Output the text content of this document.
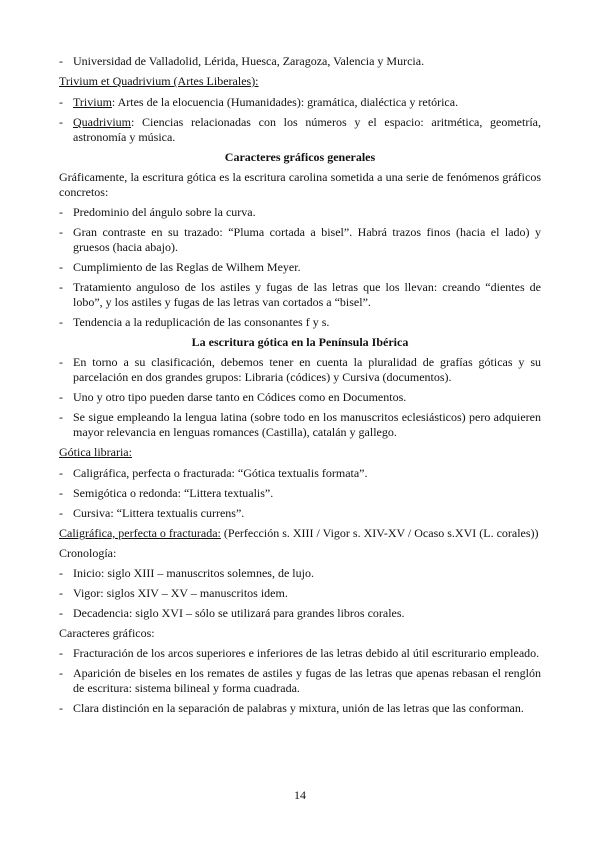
- Universidad de Valladolid, Lérida, Huesca, Zaragoza, Valencia y Murcia.
Trivium et Quadrivium (Artes Liberales):
- Trivium: Artes de la elocuencia (Humanidades): gramática, dialéctica y retórica.
- Quadrivium: Ciencias relacionadas con los números y el espacio: aritmética, geometría, astronomía y música.
Caracteres gráficos generales
Gráficamente, la escritura gótica es la escritura carolina sometida a una serie de fenómenos gráficos concretos:
- Predominio del ángulo sobre la curva.
- Gran contraste en su trazado: “Pluma cortada a bisel”. Habrá trazos finos (hacia el lado) y gruesos (hacia abajo).
- Cumplimiento de las Reglas de Wilhem Meyer.
- Tratamiento anguloso de los astiles y fugas de las letras que los llevan: creando “dientes de lobo”, y los astiles y fugas de las letras van cortados a “bisel”.
- Tendencia a la reduplicación de las consonantes f y s.
La escritura gótica en la Península Ibérica
- En torno a su clasificación, debemos tener en cuenta la pluralidad de grafías góticas y su parcelación en dos grandes grupos: Libraria (códices) y Cursiva (documentos).
- Uno y otro tipo pueden darse tanto en Códices como en Documentos.
- Se sigue empleando la lengua latina (sobre todo en los manuscritos eclesiásticos) pero adquieren mayor relevancia en lenguas romances (Castilla), catalán y gallego.
Gótica libraria:
- Caligráfica, perfecta o fracturada: “Gótica textualis formata”.
- Semigótica o redonda: “Littera textualis”.
- Cursiva: “Littera textualis currens”.
Caligráfica, perfecta o fracturada: (Perfección s. XIII / Vigor s. XIV-XV / Ocaso s.XVI (L. corales))
Cronología:
- Inicio: siglo XIII – manuscritos solemnes, de lujo.
- Vigor: siglos XIV – XV – manuscritos idem.
- Decadencia: siglo XVI – sólo se utilizará para grandes libros corales.
Caracteres gráficos:
- Fracturación de los arcos superiores e inferiores de las letras debido al útil escriturario empleado.
- Aparición de biseles en los remates de astiles y fugas de las letras que apenas rebasan el renglón de escritura: sistema bilineal y forma cuadrada.
- Clara distinción en la separación de palabras y mixtura, unión de las letras que las conforman.
14
